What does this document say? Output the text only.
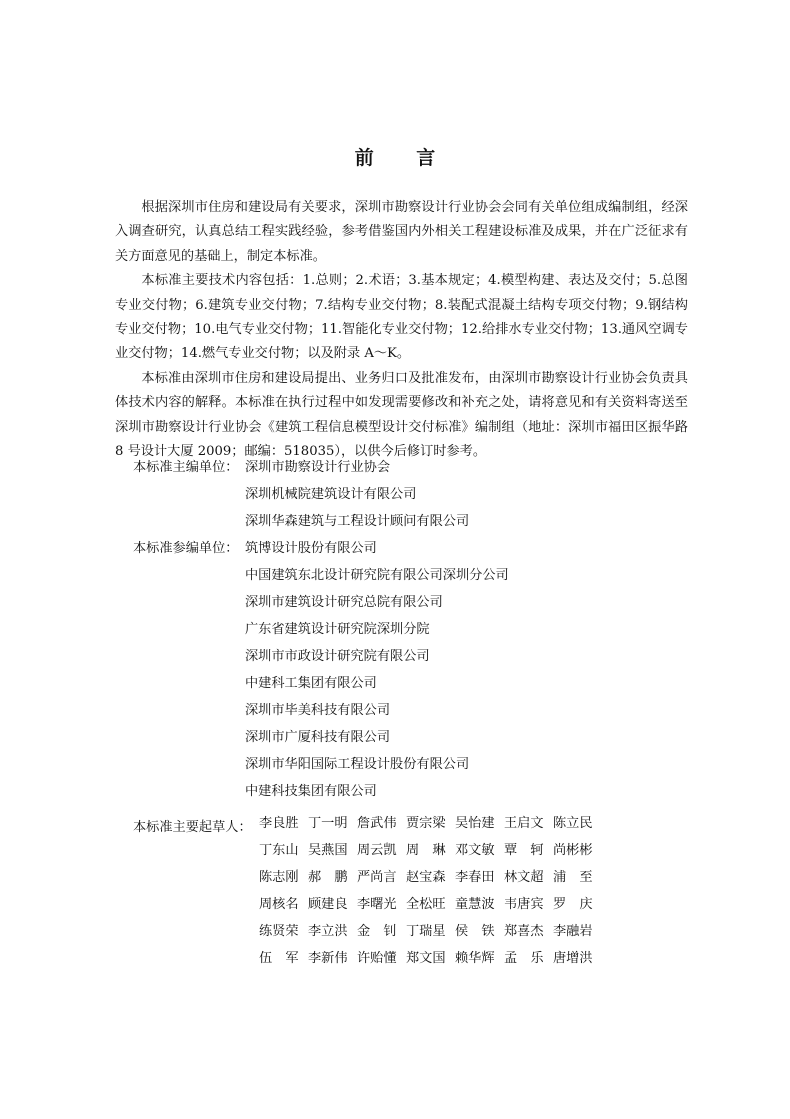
前 言

根据深圳市住房和建设局有关要求，深圳市勘察设计行业协会会同有关单位组成编制组，经深入调查研究，认真总结工程实践经验，参考借鉴国内外相关工程建设标准及成果，并在广泛征求有关方面意见的基础上，制定本标准。

本标准主要技术内容包括：1.总则；2.术语；3.基本规定；4.模型构建、表达及交付；5.总图专业交付物；6.建筑专业交付物；7.结构专业交付物；8.装配式混凝土结构专项交付物；9.钢结构专业交付物；10.电气专业交付物；11.智能化专业交付物；12.给排水专业交付物；13.通风空调专业交付物；14.燃气专业交付物；以及附录 A～K。

本标准由深圳市住房和建设局提出、业务归口及批准发布，由深圳市勘察设计行业协会负责具体技术内容的解释。本标准在执行过程中如发现需要修改和补充之处，请将意见和有关资料寄送至深圳市勘察设计行业协会《建筑工程信息模型设计交付标准》编制组（地址：深圳市福田区振华路 8 号设计大厦 2009；邮编：518035），以供今后修订时参考。

本标准主编单位： 深圳市勘察设计行业协会
深圳机械院建筑设计有限公司
深圳华森建筑与工程设计顾问有限公司
本标准参编单位： 筑博设计股份有限公司
中国建筑东北设计研究院有限公司深圳分公司
深圳市建筑设计研究总院有限公司
广东省建筑设计研究院深圳分院
深圳市市政设计研究院有限公司
中建科工集团有限公司
深圳市毕美科技有限公司
深圳市广厦科技有限公司
深圳市华阳国际工程设计股份有限公司
中建科技集团有限公司
本标准主要起草人： 李良胜 丁一明 詹武伟 贾宗梁 吴怡建 王启文 陈立民
丁东山 吴燕国 周云凯 周　琳 邓文敏 覃　轲 尚彬彬
陈志刚 郝　鹏 严尚言 赵宝森 李春田 林文超 浦　至
周核名 顾建良 李曙光 全松旺 童慧波 韦唐宾 罗　庆
练贤荣 李立洪 金　钊 丁瑞星 侯　铁 郑喜杰 李融岩
伍　军 李新伟 许贻懂 郑文国 赖华辉 孟　乐 唐增洪
